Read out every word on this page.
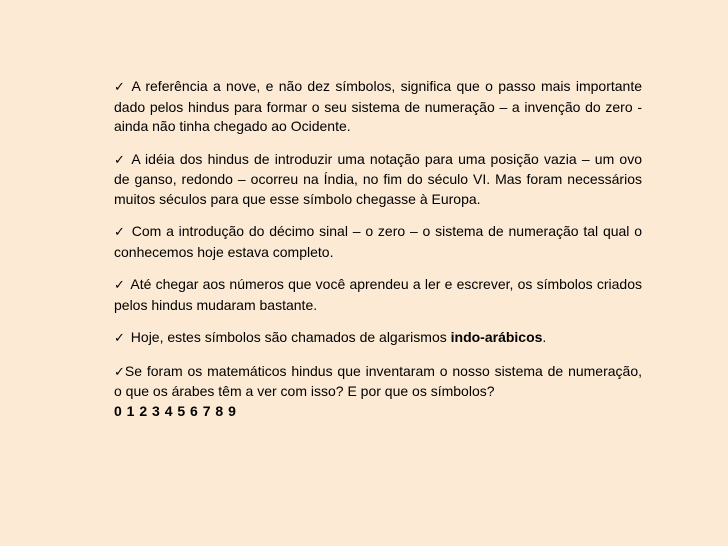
✓ A referência a nove, e não dez símbolos, significa que o passo mais importante dado pelos hindus para formar o seu sistema de numeração – a invenção do zero - ainda não tinha chegado ao Ocidente.

✓ A idéia dos hindus de introduzir uma notação para uma posição vazia – um ovo de ganso, redondo – ocorreu na Índia, no fim do século VI. Mas foram necessários muitos séculos para que esse símbolo chegasse à Europa.

✓ Com a introdução do décimo sinal – o zero – o sistema de numeração tal qual o conhecemos hoje estava completo.

✓ Até chegar aos números que você aprendeu a ler e escrever, os símbolos criados pelos hindus mudaram bastante.

✓ Hoje, estes símbolos são chamados de algarismos indo-arábicos.

✓Se foram os matemáticos hindus que inventaram o nosso sistema de numeração, o que os árabes têm a ver com isso? E por que os símbolos?
0 1 2 3 4 5 6 7 8 9
